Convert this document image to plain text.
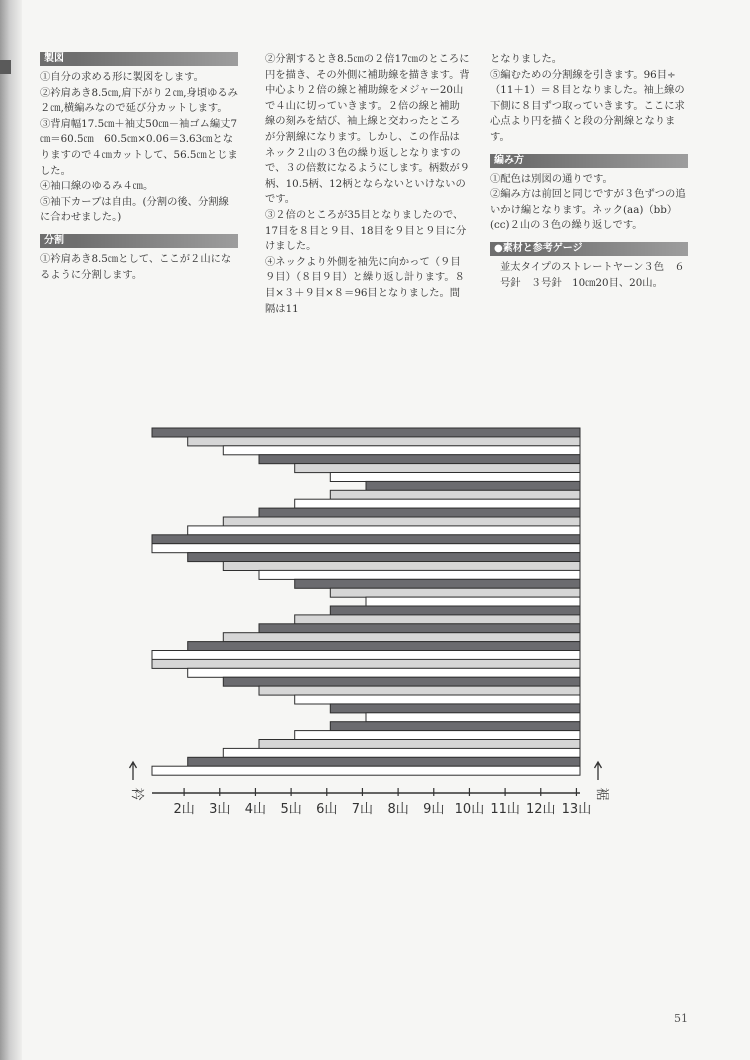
製図

①自分の求める形に製図をします。

②衿肩あき8.5㎝,肩下がり２㎝,身頃ゆるみ２㎝,横編みなので延び分カットします。

③背肩幅17.5㎝＋袖丈50㎝－袖ゴム編丈7㎝＝60.5㎝　60.5㎝×0.06＝3.63㎝となりますので４㎝カットして、56.5㎝とじました。

④袖口線のゆるみ４㎝。

⑤袖下カーブは自由。(分割の後、分割線に合わせました。)

分割

①衿肩あき8.5㎝として、ここが２山になるように分割します。

②分割するとき8.5㎝の２倍17㎝のところに円を描き、その外側に補助線を描きます。背中心より２倍の線と補助線をメジャー20山で４山に切っていきます。２倍の線と補助線の刻みを結び、袖上線と交わったところが分割線になります。しかし、この作品はネック２山の３色の繰り返しとなりますので、３の倍数になるようにします。柄数が９柄、10.5柄、12柄とならないといけないのです。

③２倍のところが35目となりましたので、17目を８目と９目、18目を９目と９目に分けました。

④ネックより外側を袖先に向かって（９目９目）（８目９目）と繰り返し計ります。８目×３＋９目×８＝96目となりました。間隔は11

となりました。

⑤編むための分割線を引きます。96目÷（11＋1）＝８目となりました。袖上線の下側に８目ずつ取っていきます。ここに求心点より円を描くと段の分割線となります。

編み方

①配色は別図の通りです。

②編み方は前回と同じですが３色ずつの追いかけ編となります。ネック(aa)（bb）(cc)２山の３色の繰り返しです。

●素材と参考ゲージ

並太タイプのストレートヤーン３色　６号針　３号針　10㎝20目、20山。

2山 3山 4山 5山 6山 7山 8山 9山 10山 11山 12山 13山
衿	裾
51
